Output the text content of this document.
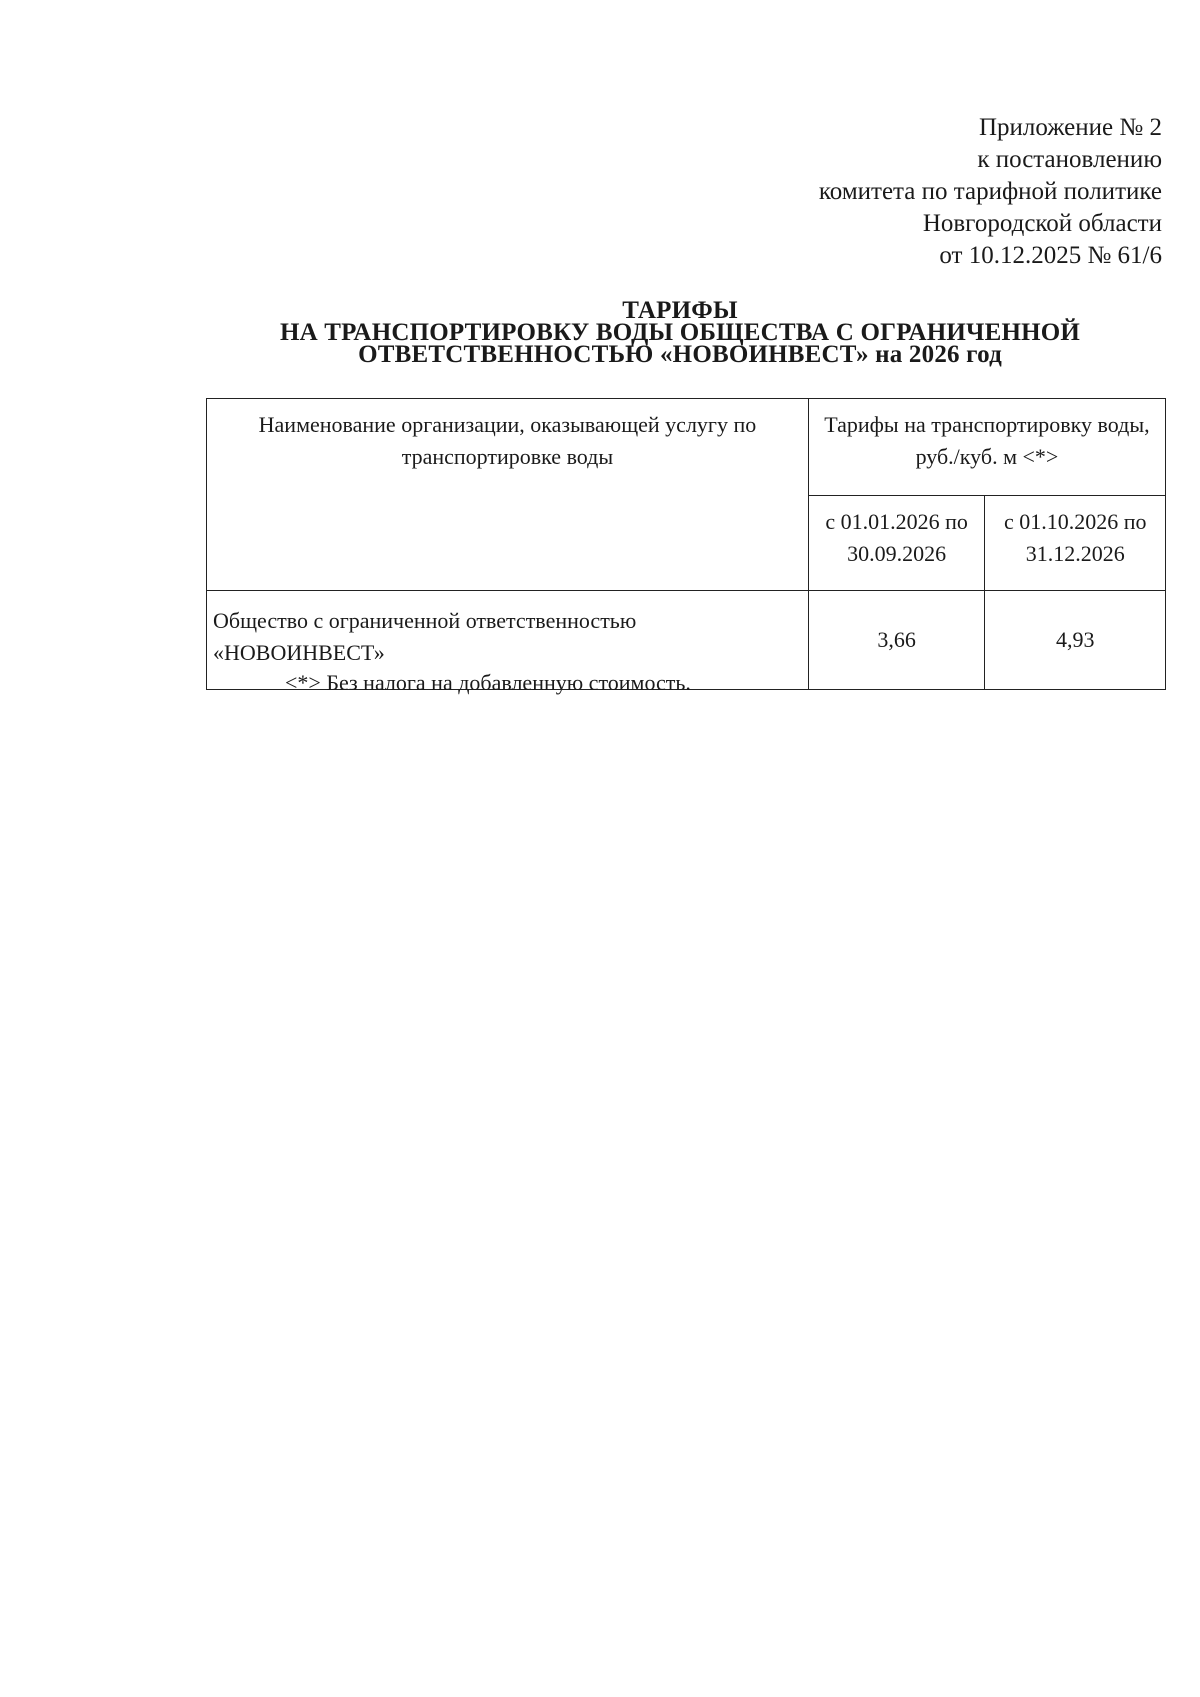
Приложение № 2
к постановлению
комитета по тарифной политике
Новгородской области
от 10.12.2025 № 61/6
ТАРИФЫ
НА ТРАНСПОРТИРОВКУ ВОДЫ ОБЩЕСТВА С ОГРАНИЧЕННОЙ
ОТВЕТСТВЕННОСТЬЮ «НОВОИНВЕСТ» на 2026 год
Наименование организации, оказывающей услугу по транспортировке воды	Тарифы на транспортировку воды, руб./куб. м <*>	
	с 01.01.2026 по 30.09.2026	с 01.10.2026 по 31.12.2026
Общество с ограниченной ответственностью «НОВОИНВЕСТ»	3,66	4,93
<*> Без налога на добавленную стоимость.
